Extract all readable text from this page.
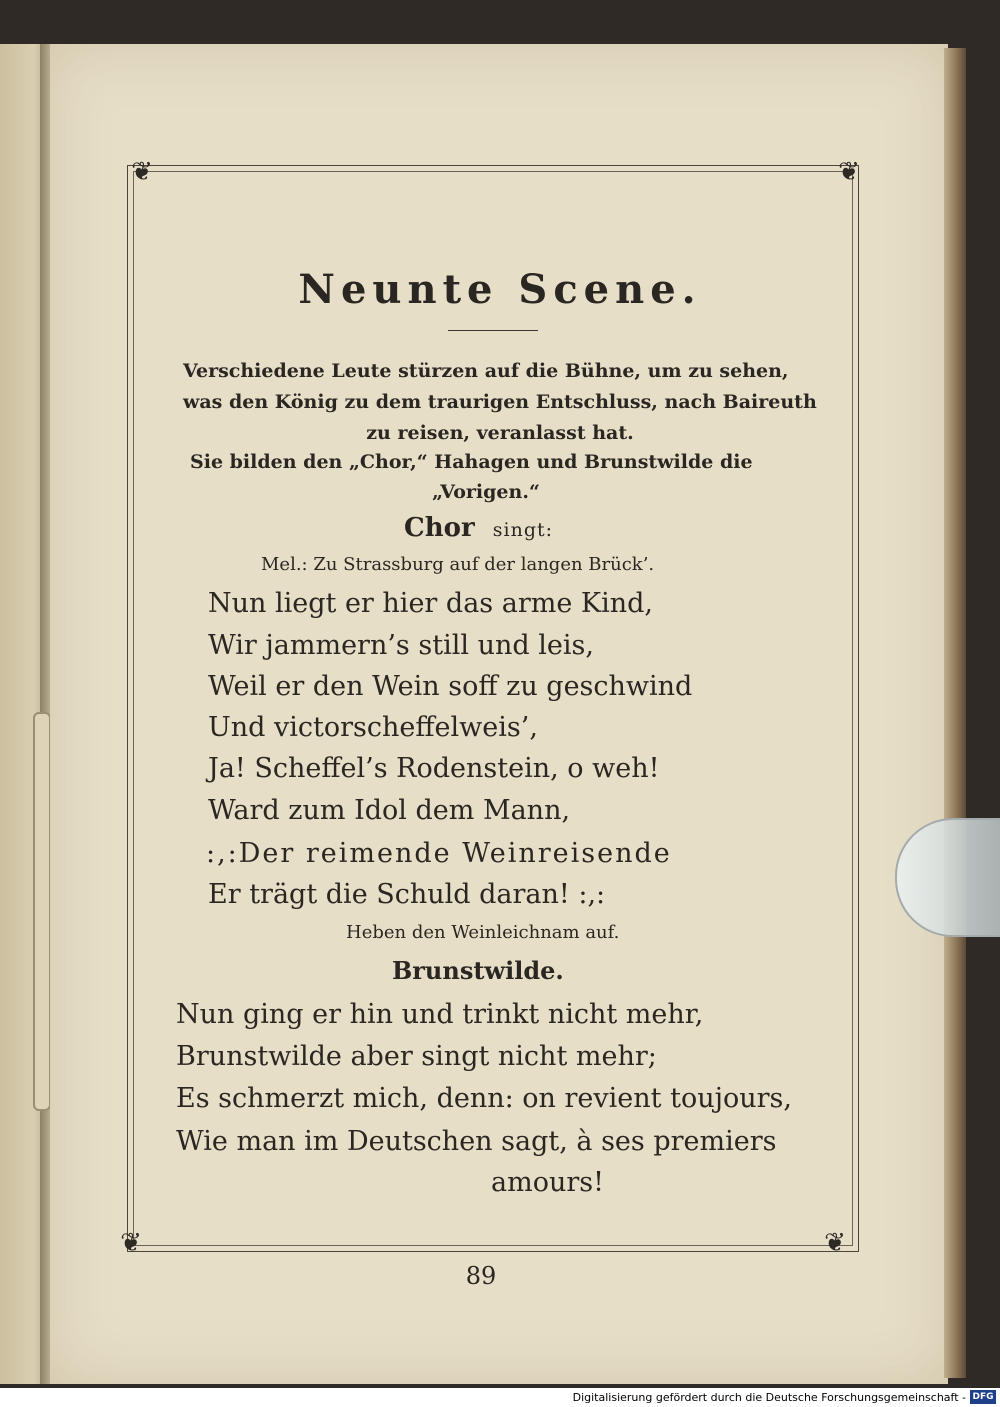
❦	❦
❦	❦
Neunte Scene.
Verschiedene Leute stürzen auf die Bühne, um zu sehen,
was den König zu dem traurigen Entschluss, nach Baireuth
zu reisen, veranlasst hat.
Sie bilden den „Chor,“ Hahagen und Brunstwilde die
„Vorigen.“
Chor singt:
Mel.: Zu Strassburg auf der langen Brück’.
Nun liegt er hier das arme Kind,
Wir jammern’s still und leis,
Weil er den Wein soff zu geschwind
Und victorscheffelweis’,
Ja! Scheffel’s Rodenstein, o weh!
Ward zum Idol dem Mann,
:,:Der reimende Weinreisende
Er trägt die Schuld daran! :,:
Heben den Weinleichnam auf.
Brunstwilde.
Nun ging er hin und trinkt nicht mehr,
Brunstwilde aber singt nicht mehr;
Es schmerzt mich, denn: on revient toujours,
Wie man im Deutschen sagt, à ses premiers
amours!
89
Digitalisierung gefördert durch die Deutsche Forschungsgemeinschaft - DFG
